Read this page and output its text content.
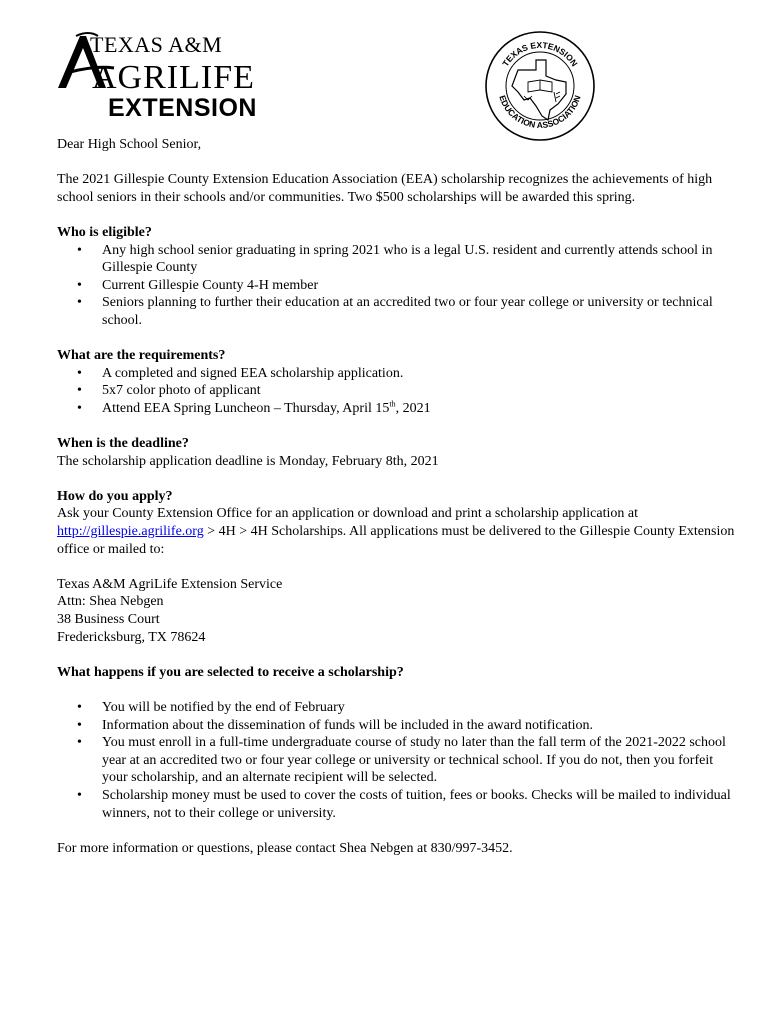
TEXAS A&M
AGRILIFE
EXTENSION
TEXAS EXTENSION
EDUCATION ASSOCIATION

Dear High School Senior,

The 2021 Gillespie County Extension Education Association (EEA) scholarship recognizes the achievements of high school seniors in their schools and/or communities. Two $500 scholarships will be awarded this spring.

Who is eligible?

• Any high school senior graduating in spring 2021 who is a legal U.S. resident and currently attends school in Gillespie County
• Current Gillespie County 4-H member
• Seniors planning to further their education at an accredited two or four year college or university or technical school.

What are the requirements?

• A completed and signed EEA scholarship application.
• 5x7 color photo of applicant
• Attend EEA Spring Luncheon – Thursday, April 15th, 2021

When is the deadline?

The scholarship application deadline is Monday, February 8th, 2021

How do you apply?

Ask your County Extension Office for an application or download and print a scholarship application at http://gillespie.agrilife.org > 4H > 4H Scholarships. All applications must be delivered to the Gillespie County Extension office or mailed to:

Texas A&M AgriLife Extension Service

Attn: Shea Nebgen

38 Business Court

Fredericksburg, TX 78624

What happens if you are selected to receive a scholarship?

• You will be notified by the end of February
• Information about the dissemination of funds will be included in the award notification.
• You must enroll in a full-time undergraduate course of study no later than the fall term of the 2021-2022 school year at an accredited two or four year college or university or technical school. If you do not, then you forfeit your scholarship, and an alternate recipient will be selected.
• Scholarship money must be used to cover the costs of tuition, fees or books. Checks will be mailed to individual winners, not to their college or university.

For more information or questions, please contact Shea Nebgen at 830/997-3452.
